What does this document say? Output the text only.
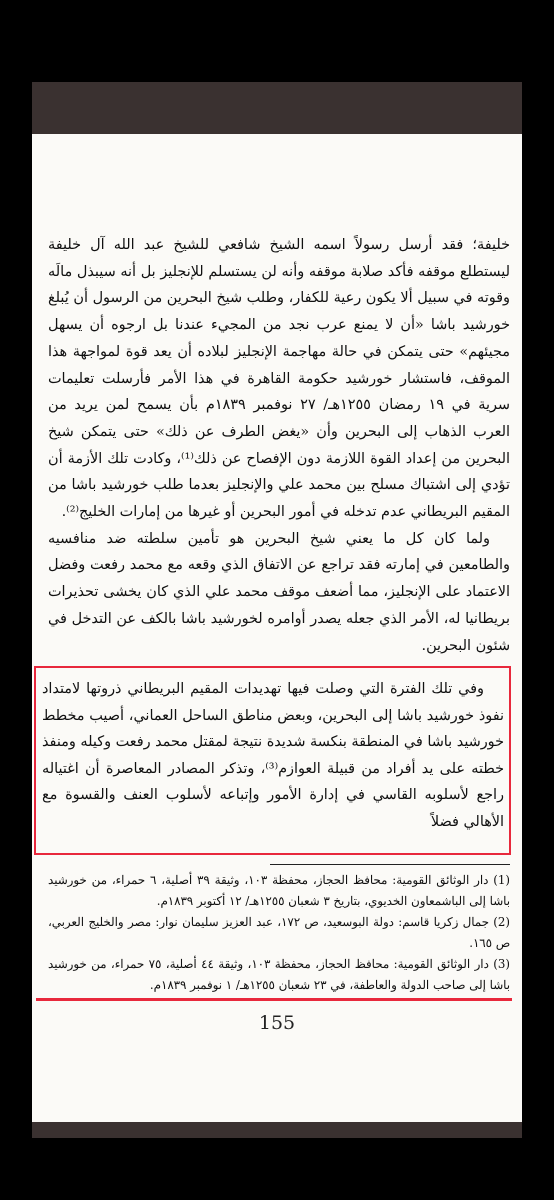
خليفة؛ فقد أرسل رسولاً اسمه الشيخ شافعي للشيخ عبد الله آل خليفة ليستطلع موقفه فأكد صلابة موقفه وأنه لن يستسلم للإنجليز بل أنه سيبذل مالَه وقوته في سبيل ألا يكون رعية للكفار، وطلب شيخ البحرين من الرسول أن يُبلغ خورشيد باشا «أن لا يمنع عرب نجد من المجيء عندنا بل ارجوه أن يسهل مجيئهم» حتى يتمكن في حالة مهاجمة الإنجليز لبلاده أن يعد قوة لمواجهة هذا الموقف، فاستشار خورشيد حكومة القاهرة في هذا الأمر فأرسلت تعليمات سرية في ١٩ رمضان ١٢٥٥هـ/ ٢٧ نوفمبر ١٨٣٩م بأن يسمح لمن يريد من العرب الذهاب إلى البحرين وأن «يغض الطرف عن ذلك» حتى يتمكن شيخ البحرين من إعداد القوة اللازمة دون الإفصاح عن ذلك⁽¹⁾، وكادت تلك الأزمة أن تؤدي إلى اشتباك مسلح بين محمد علي والإنجليز بعدما طلب خورشيد باشا من المقيم البريطاني عدم تدخله في أمور البحرين أو غيرها من إمارات الخليج⁽²⁾.

ولما كان كل ما يعني شيخ البحرين هو تأمين سلطته ضد منافسيه والطامعين في إمارته فقد تراجع عن الاتفاق الذي وقعه مع محمد رفعت وفضل الاعتماد على الإنجليز، مما أضعف موقف محمد علي الذي كان يخشى تحذيرات بريطانيا له، الأمر الذي جعله يصدر أوامره لخورشيد باشا بالكف عن التدخل في شئون البحرين.

وفي تلك الفترة التي وصلت فيها تهديدات المقيم البريطاني ذروتها لامتداد نفوذ خورشيد باشا إلى البحرين، وبعض مناطق الساحل العماني، أصيب مخطط خورشيد باشا في المنطقة بنكسة شديدة نتيجة لمقتل محمد رفعت وكيله ومنفذ خطته على يد أفراد من قبيلة العوازم⁽³⁾، وتذكر المصادر المعاصرة أن اغتياله راجع لأسلوبه القاسي في إدارة الأمور وإتباعه لأسلوب العنف والقسوة مع الأهالي فضلاً

(1) دار الوثائق القومية: محافظ الحجاز، محفظة ١٠٣، وثيقة ٣٩ أصلية، ٦ حمراء، من خورشيد باشا إلى الباشمعاون الخديوي، بتاريخ ٣ شعبان ١٢٥٥هـ/ ١٢ أكتوبر ١٨٣٩م.

(2) جمال زكريا قاسم: دولة البوسعيد، ص ١٧٢، عبد العزيز سليمان نوار: مصر والخليج العربي، ص ١٦٥.

(3) دار الوثائق القومية: محافظ الحجاز، محفظة ١٠٣، وثيقة ٤٤ أصلية، ٧٥ حمراء، من خورشيد باشا إلى صاحب الدولة والعاطفة، في ٢٣ شعبان ١٢٥٥هـ/ ١ نوفمبر ١٨٣٩م.

155
